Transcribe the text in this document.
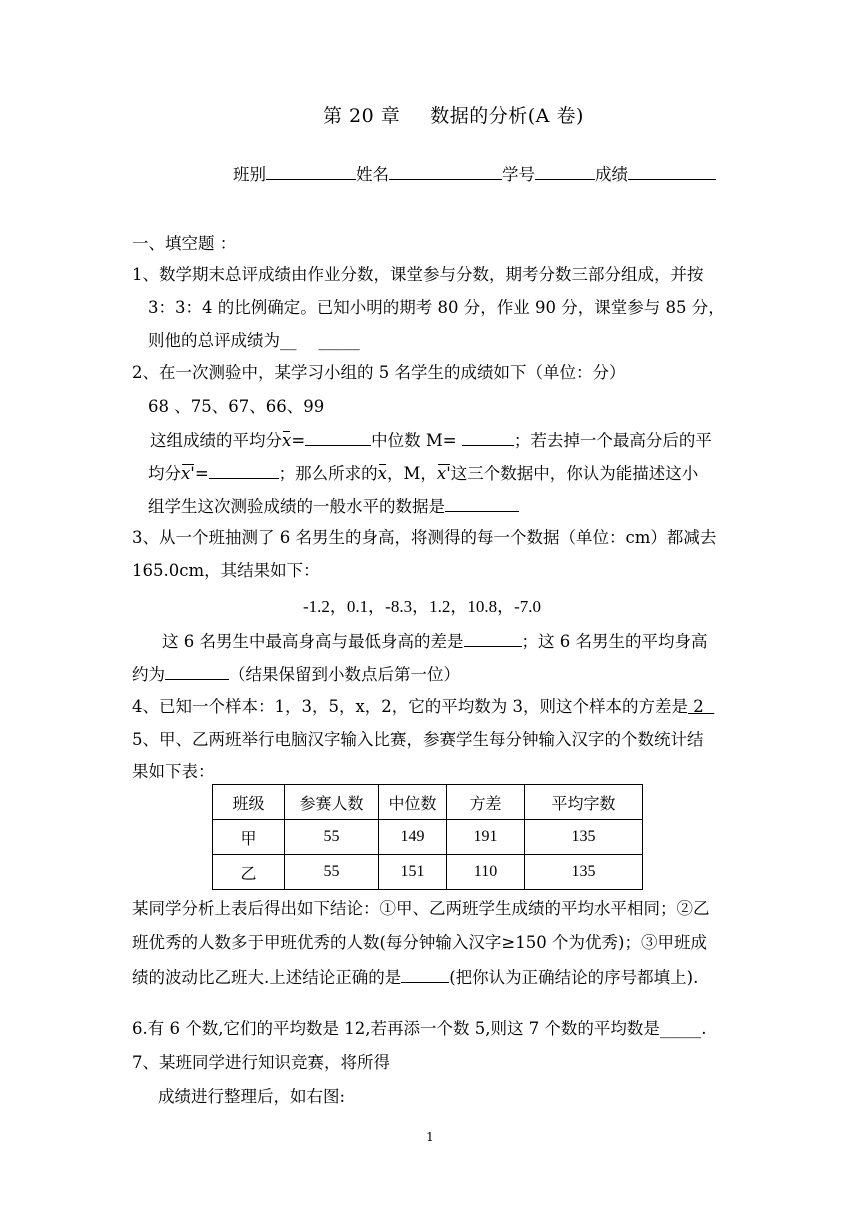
第 20 章 数据的分析(A 卷)
班别	姓名	学号	成绩
一、填空题 ：
1、数学期末总评成绩由作业分数，课堂参与分数，期考分数三部分组成，并按
3：3：4 的比例确定。已知小明的期考 80 分，作业 90 分，课堂参与 85 分，
则他的总评成绩为__ _____
2、在一次测验中，某学习小组的 5 名学生的成绩如下（单位：分）
68 、75、67、66、99
这组成绩的平均分x=	中位数 M=	；若去掉一个最高分后的平
均分x'=	；那么所求的x，M，x'这三个数据中，你认为能描述这小
组学生这次测验成绩的一般水平的数据是
3、从一个班抽测了 6 名男生的身高，将测得的每一个数据（单位：cm）都减去
165.0cm，其结果如下：
-1.2，0.1，-8.3，1.2，10.8，-7.0
这 6 名男生中最高身高与最低身高的差是	；这 6 名男生的平均身高
约为	（结果保留到小数点后第一位）
4、已知一个样本：1，3，5，x，2，它的平均数为 3，则这个样本的方差是 2
5、甲、乙两班举行电脑汉字输入比赛，参赛学生每分钟输入汉字的个数统计结
果如下表：
班级	参赛人数	中位数	方差	平均字数
甲	55	149	191	135
乙	55	151	110	135
某同学分析上表后得出如下结论：①甲、乙两班学生成绩的平均水平相同；②乙
班优秀的人数多于甲班优秀的人数(每分钟输入汉字≥150 个为优秀)；③甲班成
绩的波动比乙班大.上述结论正确的是	(把你认为正确结论的序号都填上).
6.有 6 个数,它们的平均数是 12,若再添一个数 5,则这 7 个数的平均数是_____.
7、某班同学进行知识竞赛，将所得
成绩进行整理后，如右图:
1
